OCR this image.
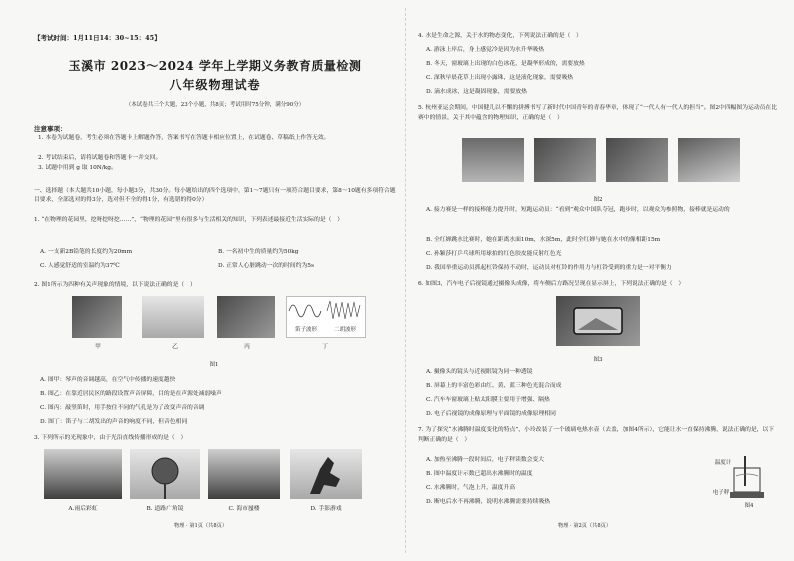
【考试时间：1月11日14：30~15：45】
玉溪市 2023～2024 学年上学期义务教育质量检测
八年级物理试卷
（本试卷共三个大题，23个小题，共8页；考试用时75分钟，满分90分）
注意事项：
1. 本卷为试题卷，考生必须在答题卡上解题作答，答案书写在答题卡相应位置上，在试题卷、草稿纸上作答无效。
2. 考试结束后，请将试题卷和答题卡一并交回。
3. 试题中用到 g 取 10N/kg。
一、选择题（本大题共10小题，每小题3分，共30分。每小题给出的四个选项中，第1～7题只有一项符合题目要求，第8～10题有多项符合题目要求，全部选对的得3分，选对但不全的得1分，有选错的得0分）
1. “在物理的花园里，挖呀挖呀挖……”，“物理的花园”里有很多与生活相关的知识，下列表述最接近生活实际的是（　）
A. 一支新2B铅笔的长度约为20mm	B. 一名初中生的质量约为50kg
C. 人感觉舒适的室温约为37℃	D. 正常人心脏跳动一次的时间约为5s
2. 图1所示为四种有关声现象的情境，以下说法正确的是（　）
笛子波形	二胡波形
甲	乙	丙	丁
图1
A. 图甲：琴声的音调越高，在空气中传播的速度越快
B. 图乙：在靠近居民区的路段设置声音屏障，目的是在声源处减弱噪声
C. 图丙：敲竖笛时，用手按住不同的气孔是为了改变声音的音调
D. 图丁：笛子与二胡发出的声音的响度不同，但音色相同
3. 下列所示的光现象中，由于光沿直线传播形成的是（　）
A.雨后彩虹	B. 道路广角镜	C. 海市蜃楼	D. 手影游戏
物理 · 第1页（共8页）
4. 水是生命之源，关于水的物态变化，下列说法正确的是（　）
A. 游泳上岸后，身上感觉冷是因为水升华吸热
B. 冬天，窗玻璃上出现的白色冰花，是凝华形成的，需要放热
C. 深秋早晨花草上出现小露珠，这是液化现象，需要吸热
D. 滴水成冰，这是凝固现象，需要放热
5. 杭州亚运会期间，中国健儿以不懈的拼搏书写了新时代中国青年的青春华章，体现了“一代人有一代人的担当”。图2中四幅图为运动员在比赛中的情景，关于其中蕴含的物理知识，正确的是（　）
图2
A. 接力赛是一样的接棒能力提升时，短跑运动员：“看到”观众中国队夺冠，跑步时，以观众为参照物，接棒就是运动的
B. 全红婵跳水比赛时，她在距离水面10m，水深5m，此时全红婵与她在水中的像相距15m
C. 孙颖莎打乒乓球所用球拍的红色胶皮能反射红色光
D. 我国举重运动员抓起杠铃保持不动时，运动员对杠铃的作用力与杠铃受到的重力是一对平衡力
6. 如图3，汽车电子后视镜通过摄像头成像，将车侧后方路况呈现在显示屏上，下列说法正确的是（　）
图3
A. 摄像头的镜头与近视眼镜为同一种透镜
B. 屏幕上的丰富色彩由红、黄、蓝三种色光混合而成
C. 汽车车窗玻璃上贴太阳膜主要用于增强、隔热
D. 电子后视镜的成像原理与平面镜的成像原理相同
7. 为了探究“水沸腾时温度变化的特点”，小玲改装了一个玻璃电热水壶（去盖，加图4所示），它能让水一直保持沸腾，说法正确的是，以下判断正确的是（　）
A. 加热至沸腾一段时间后，电子秤读数会变大
B. 图中温度计示数已超出水沸腾时的温度
C. 水沸腾时，气泡上升，温度升高
D. 断电后水不再沸腾，说明水沸腾需要持续吸热
温度计
电子秤
图4
物理 · 第2页（共8页）
